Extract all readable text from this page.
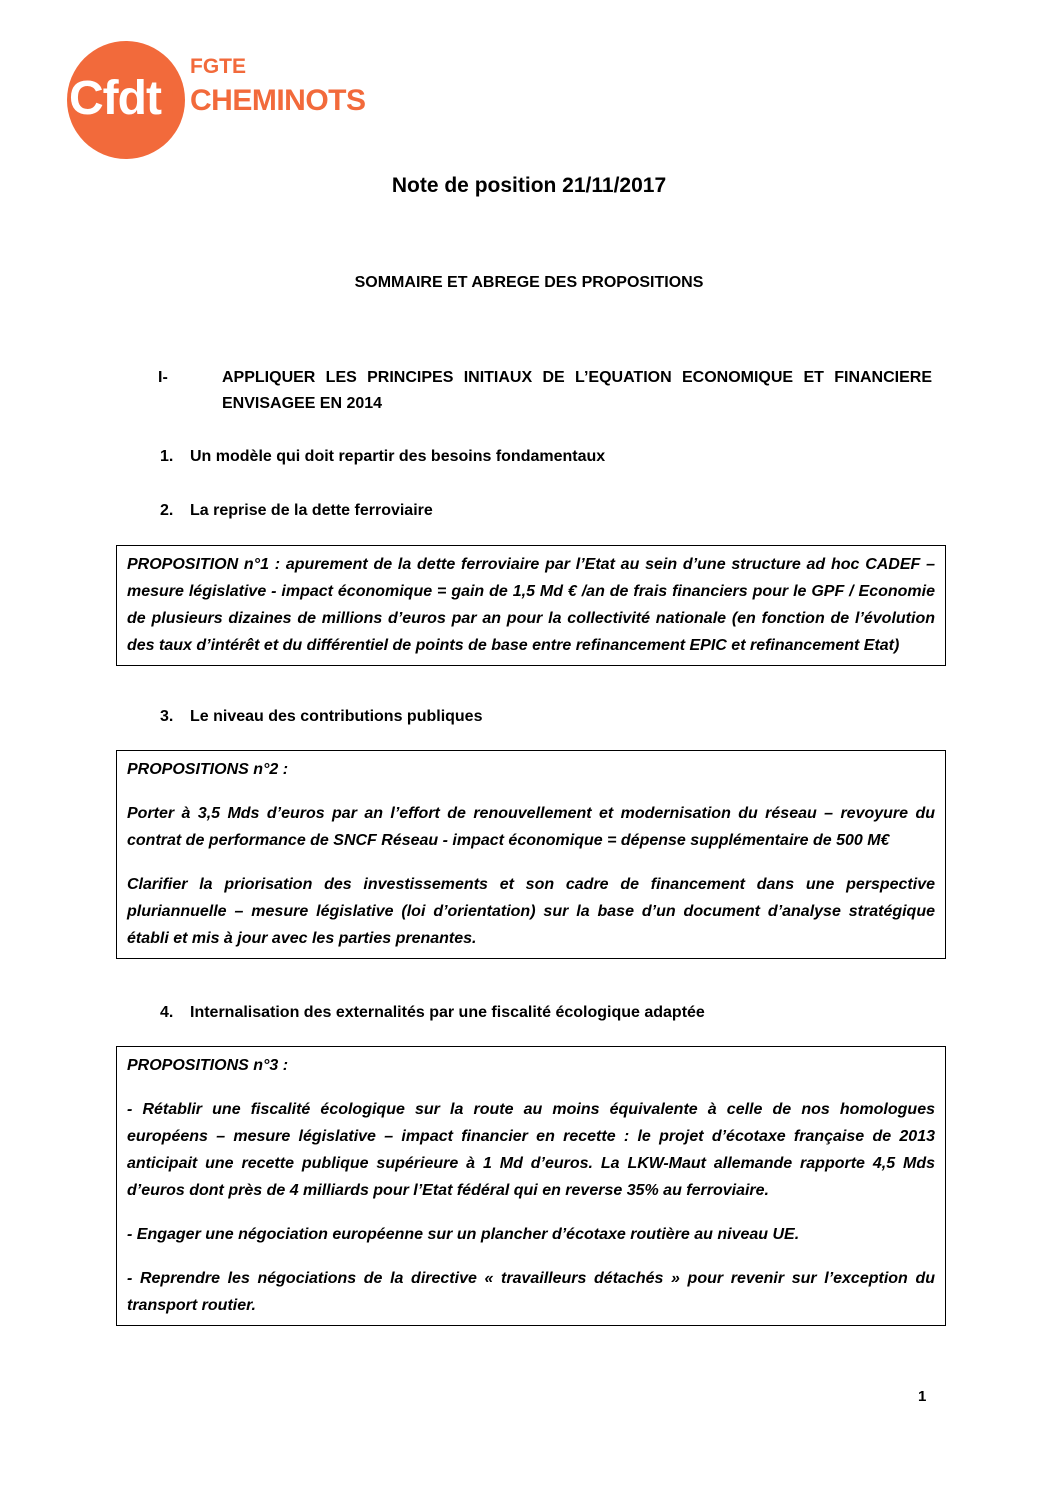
Cfdt:
FGTE
CHEMINOTS
Note de position 21/11/2017
SOMMAIRE ET ABREGE DES PROPOSITIONS
I-	APPLIQUER LES PRINCIPES INITIAUX DE L’EQUATION ECONOMIQUE ET FINANCIERE ENVISAGEE EN 2014
1. Un modèle qui doit repartir des besoins fondamentaux
2. La reprise de la dette ferroviaire

PROPOSITION n°1 : apurement de la dette ferroviaire par l’Etat au sein d’une structure ad hoc CADEF – mesure législative - impact économique = gain de 1,5 Md € /an de frais financiers pour le GPF / Economie de plusieurs dizaines de millions d’euros par an pour la collectivité nationale (en fonction de l’évolution des taux d’intérêt et du différentiel de points de base entre refinancement EPIC et refinancement Etat)

3. Le niveau des contributions publiques

PROPOSITIONS n°2 :

Porter à 3,5 Mds d’euros par an l’effort de renouvellement et modernisation du réseau – revoyure du contrat de performance de SNCF Réseau - impact économique = dépense supplémentaire de 500 M€

Clarifier la priorisation des investissements et son cadre de financement dans une perspective pluriannuelle – mesure législative (loi d’orientation) sur la base d’un document d’analyse stratégique établi et mis à jour avec les parties prenantes.

4. Internalisation des externalités par une fiscalité écologique adaptée

PROPOSITIONS n°3 :

- Rétablir une fiscalité écologique sur la route au moins équivalente à celle de nos homologues européens – mesure législative – impact financier en recette : le projet d’écotaxe française de 2013 anticipait une recette publique supérieure à 1 Md d’euros. La LKW-Maut allemande rapporte 4,5 Mds d’euros dont près de 4 milliards pour l’Etat fédéral qui en reverse 35% au ferroviaire.

- Engager une négociation européenne sur un plancher d’écotaxe routière au niveau UE.

- Reprendre les négociations de la directive « travailleurs détachés » pour revenir sur l’exception du transport routier.

1
